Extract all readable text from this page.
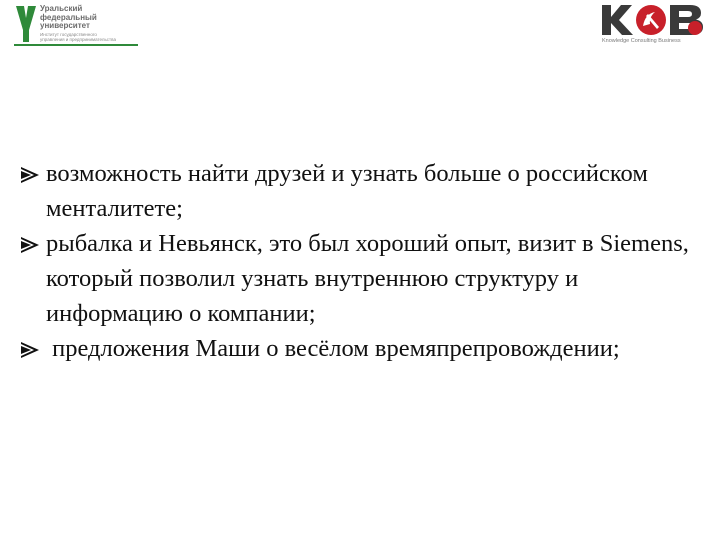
Уральский
федеральный
университет
Институт государственного
управления и предпринимательства	Knowledge Consulting Business

возможность найти друзей и узнать больше о российском менталитете;

рыбалка и Невьянск, это был хороший опыт, визит в Siemens, который позволил узнать внутреннюю структуру и информацию о компании;

предложения Маши о весёлом времяпрепровождении;
